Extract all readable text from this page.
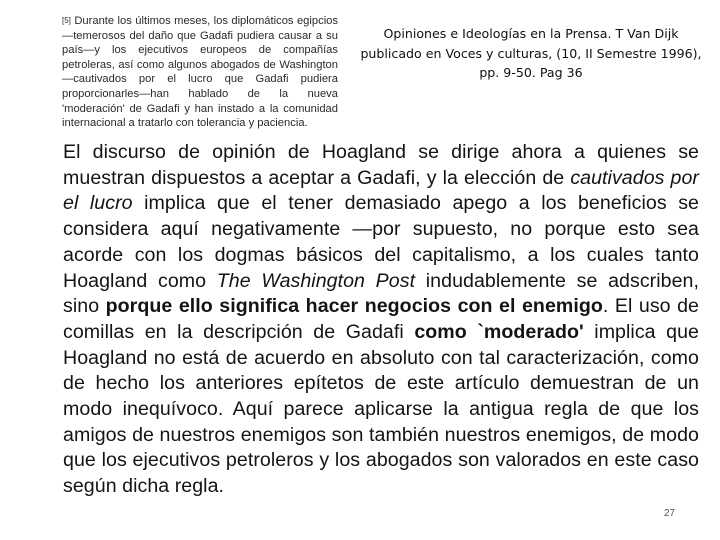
[5] Durante los últimos meses, los diplomáticos egipcios —temerosos del daño que Gadafi pudiera causar a su país—y los ejecutivos europeos de compañías petroleras, así como algunos abogados de Washington —cautivados por el lucro que Gadafi pudiera proporcionarles—han hablado de la nueva 'moderación' de Gadafi y han instado a la comunidad internacional a tratarlo con tolerancia y paciencia.
Opiniones e Ideologías en la Prensa. T Van Dijk
publicado en Voces y culturas, (10, II Semestre 1996),
pp. 9-50. Pag 36
El discurso de opinión de Hoagland se dirige ahora a quienes se muestran dispuestos a aceptar a Gadafi, y la elección de cautivados por el lucro implica que el tener demasiado apego a los beneficios se considera aquí negativamente —por supuesto, no porque esto sea acorde con los dogmas básicos del capitalismo, a los cuales tanto Hoagland como The Washington Post indudablemente se adscriben, sino porque ello significa hacer negocios con el enemigo. El uso de comillas en la descripción de Gadafi como `moderado' implica que Hoagland no está de acuerdo en absoluto con tal caracterización, como de hecho los anteriores epítetos de este artículo demuestran de un modo inequívoco. Aquí parece aplicarse la antigua regla de que los amigos de nuestros enemigos son también nuestros enemigos, de modo que los ejecutivos petroleros y los abogados son valorados en este caso según dicha regla.
27
